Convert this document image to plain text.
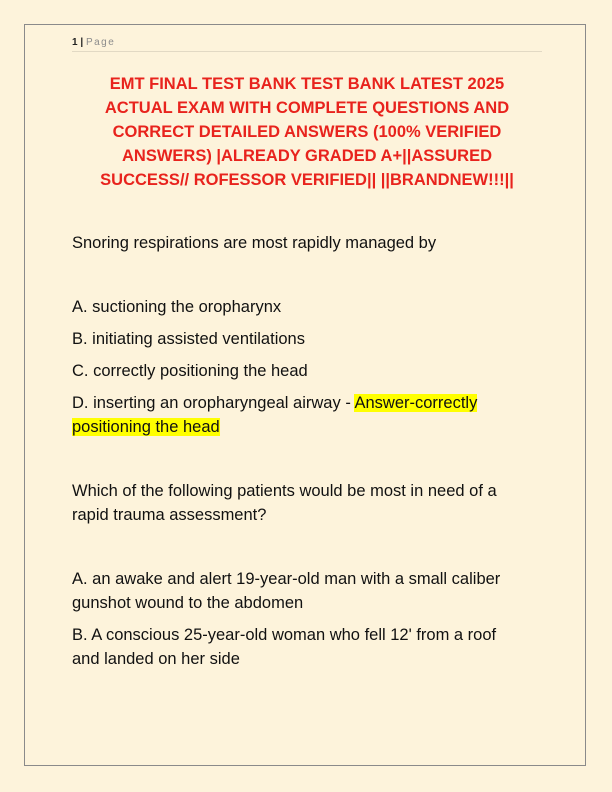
1 | Page
EMT FINAL TEST BANK TEST BANK LATEST 2025
ACTUAL EXAM WITH COMPLETE QUESTIONS AND
CORRECT DETAILED ANSWERS (100% VERIFIED
ANSWERS) |ALREADY GRADED A+||ASSURED
SUCCESS// ROFESSOR VERIFIED|| ||BRANDNEW!!!||
Snoring respirations are most rapidly managed by
A. suctioning the oropharynx
B. initiating assisted ventilations
C. correctly positioning the head
D. inserting an oropharyngeal airway - Answer-correctly
positioning the head
Which of the following patients would be most in need of a
rapid trauma assessment?
A. an awake and alert 19-year-old man with a small caliber
gunshot wound to the abdomen
B. A conscious 25-year-old woman who fell 12' from a roof
and landed on her side
